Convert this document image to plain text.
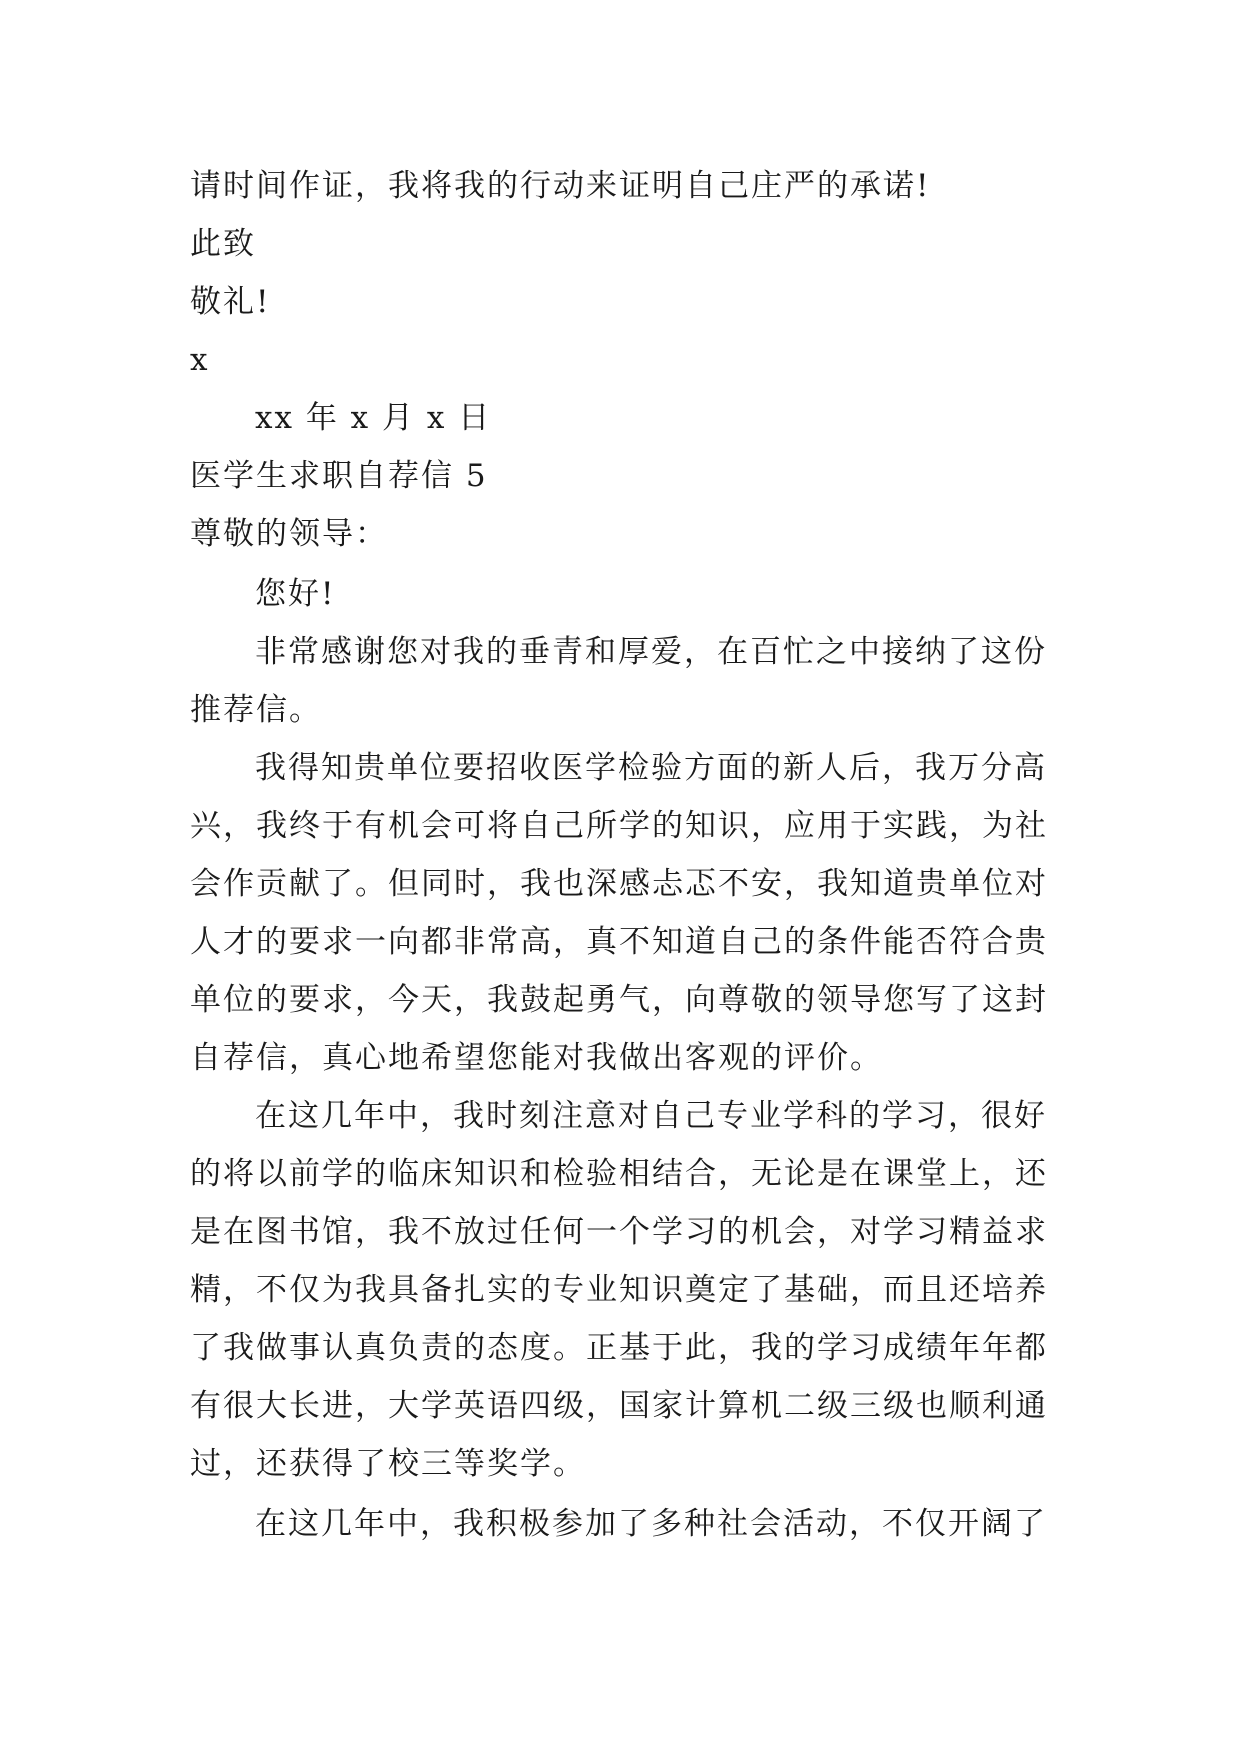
请时间作证，我将我的行动来证明自己庄严的承诺!
此致
敬礼!
x
xx 年 x 月 x 日
医学生求职自荐信 5
尊敬的领导：
您好!
非常感谢您对我的垂青和厚爱，在百忙之中接纳了这份
推荐信。
我得知贵单位要招收医学检验方面的新人后，我万分高
兴，我终于有机会可将自己所学的知识，应用于实践，为社
会作贡献了。但同时，我也深感忐忑不安，我知道贵单位对
人才的要求一向都非常高，真不知道自己的条件能否符合贵
单位的要求，今天，我鼓起勇气，向尊敬的领导您写了这封
自荐信，真心地希望您能对我做出客观的评价。
在这几年中，我时刻注意对自己专业学科的学习，很好
的将以前学的临床知识和检验相结合，无论是在课堂上，还
是在图书馆，我不放过任何一个学习的机会，对学习精益求
精，不仅为我具备扎实的专业知识奠定了基础，而且还培养
了我做事认真负责的态度。正基于此，我的学习成绩年年都
有很大长进，大学英语四级，国家计算机二级三级也顺利通
过，还获得了校三等奖学。
在这几年中，我积极参加了多种社会活动，不仅开阔了
